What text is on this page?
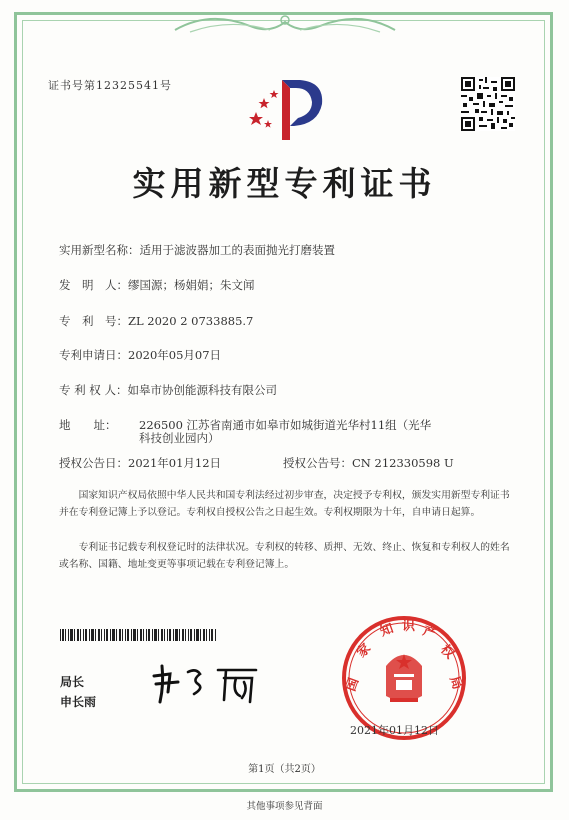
证书号第12325541号
实用新型专利证书
实用新型名称：适用于滤波器加工的表面抛光打磨装置
发　明　人：缪国源；杨娟娟；朱文闻
专　利　号：ZL 2020 2 0733885.7
专利申请日：2020年05月07日
专 利 权 人：如皋市协创能源科技有限公司
地　　址： 226500 江苏省南通市如皋市如城街道光华村11组（光华
科技创业园内）
授权公告日：2021年01月12日	授权公告号：CN 212330598 U
国家知识产权局依照中华人民共和国专利法经过初步审查，决定授予专利权，颁发实用新型专利证书并在专利登记簿上予以登记。专利权自授权公告之日起生效。专利权期限为十年，自申请日起算。
专利证书记载专利权登记时的法律状况。专利权的转移、质押、无效、终止、恢复和专利权人的姓名或名称、国籍、地址变更等事项记载在专利登记簿上。
局长
申长雨
国
家
知 识 产
权
局
2021年01月12日
第1页（共2页）
其他事项参见背面
